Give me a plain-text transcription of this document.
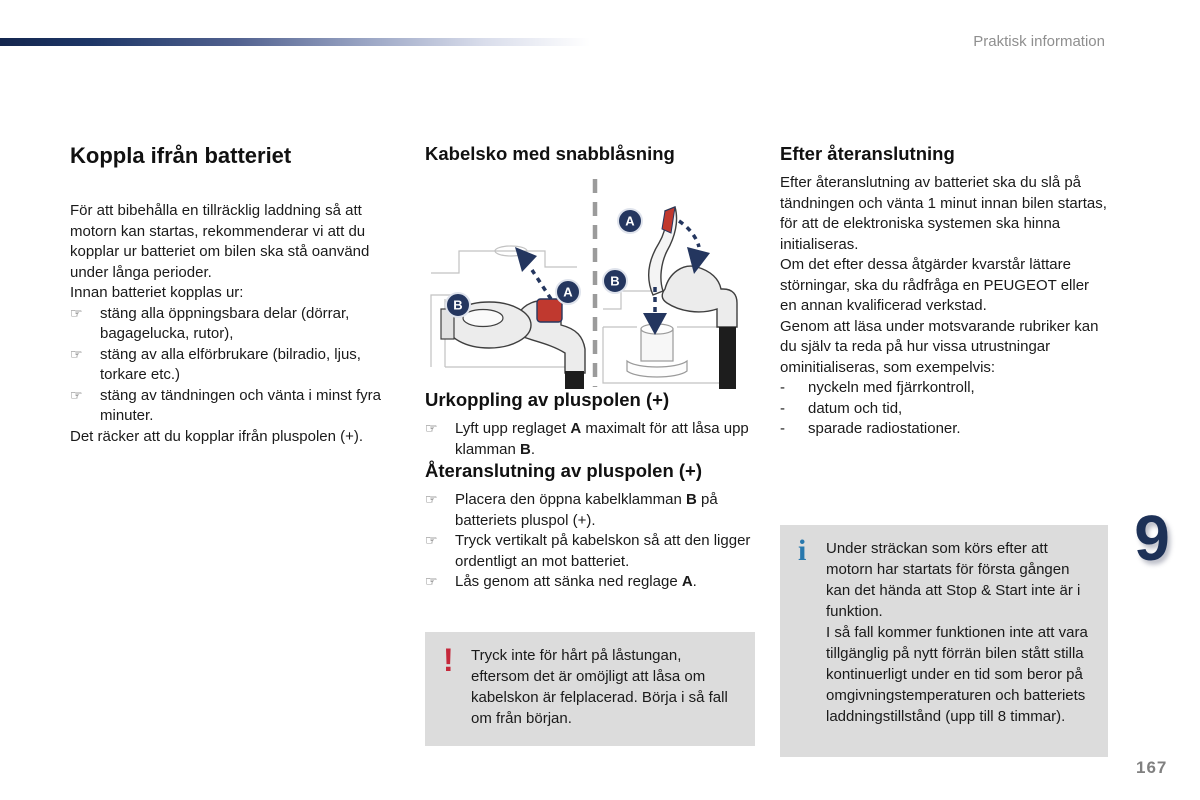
Praktisk information
Koppla ifrån batteriet

För att bibehålla en tillräcklig laddning så att motorn kan startas, rekommenderar vi att du kopplar ur batteriet om bilen ska stå oanvänd under långa perioder.

Innan batteriet kopplas ur:

☞	stäng alla öppningsbara delar (dörrar, bagagelucka, rutor),
☞	stäng av alla elförbrukare (bilradio, ljus, torkare etc.)
☞	stäng av tändningen och vänta i minst fyra minuter.

Det räcker att du kopplar ifrån pluspolen (+).

Kabelsko med snabblåsning
A
B
A
B
Urkoppling av pluspolen (+)
☞	Lyft upp reglaget A maximalt för att låsa upp klamman B.
Återanslutning av pluspolen (+)
☞	Placera den öppna kabelklamman B på batteriets pluspol (+).
☞	Tryck vertikalt på kabelskon så att den ligger ordentligt an mot batteriet.
☞	Lås genom att sänka ned reglage A.
Efter återanslutning

Efter återanslutning av batteriet ska du slå på tändningen och vänta 1 minut innan bilen startas, för att de elektroniska systemen ska hinna initialiseras.

Om det efter dessa åtgärder kvarstår lättare störningar, ska du rådfråga en PEUGEOT eller en annan kvalificerad verkstad.

Genom att läsa under motsvarande rubriker kan du själv ta reda på hur vissa utrustningar ominitialiseras, som exempelvis:

-	nyckeln med fjärrkontroll,
-	datum och tid,
-	sparade radiostationer.
!	Tryck inte för hårt på låstungan, eftersom det är omöjligt att låsa om kabelskon är felplacerad. Börja i så fall om från början.
i	Under sträckan som körs efter att motorn har startats för första gången kan det hända att Stop & Start inte är i funktion.
I så fall kommer funktionen inte att vara tillgänglig på nytt förrän bilen stått stilla kontinuerligt under en tid som beror på omgivningstemperaturen och batteriets laddningstillstånd (upp till 8 timmar).
9
167
